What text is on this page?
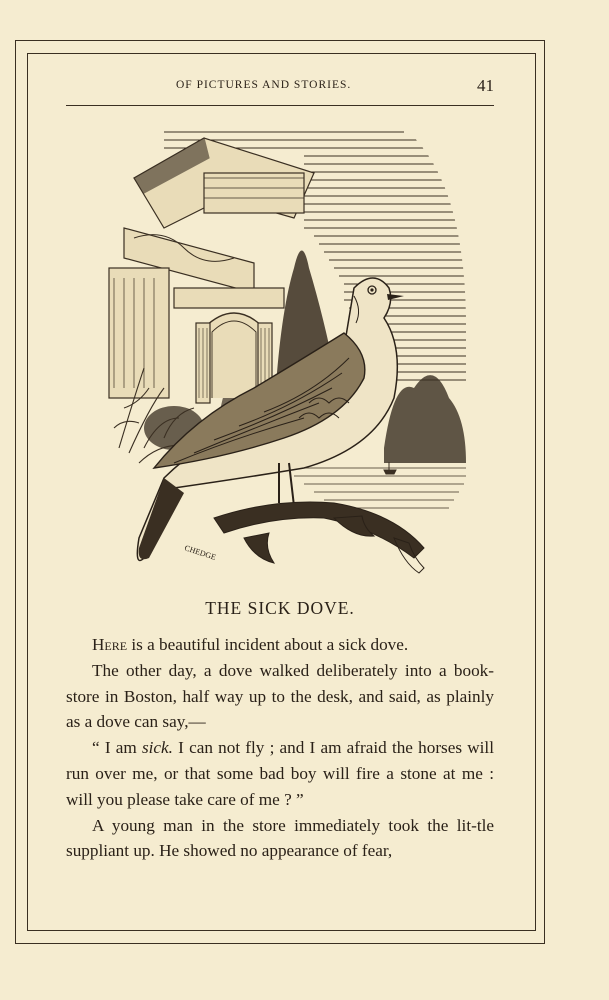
OF PICTURES AND STORIES.	41
CHEDGE
THE SICK DOVE.

Here is a beautiful incident about a sick dove.

The other day, a dove walked deliberately into a book-store in Boston, half way up to the desk, and said, as plainly as a dove can say,—

“ I am sick. I can not fly ; and I am afraid the horses will run over me, or that some bad boy will fire a stone at me : will you please take care of me ? ”

A young man in the store immediately took the lit-tle suppliant up. He showed no appearance of fear,
